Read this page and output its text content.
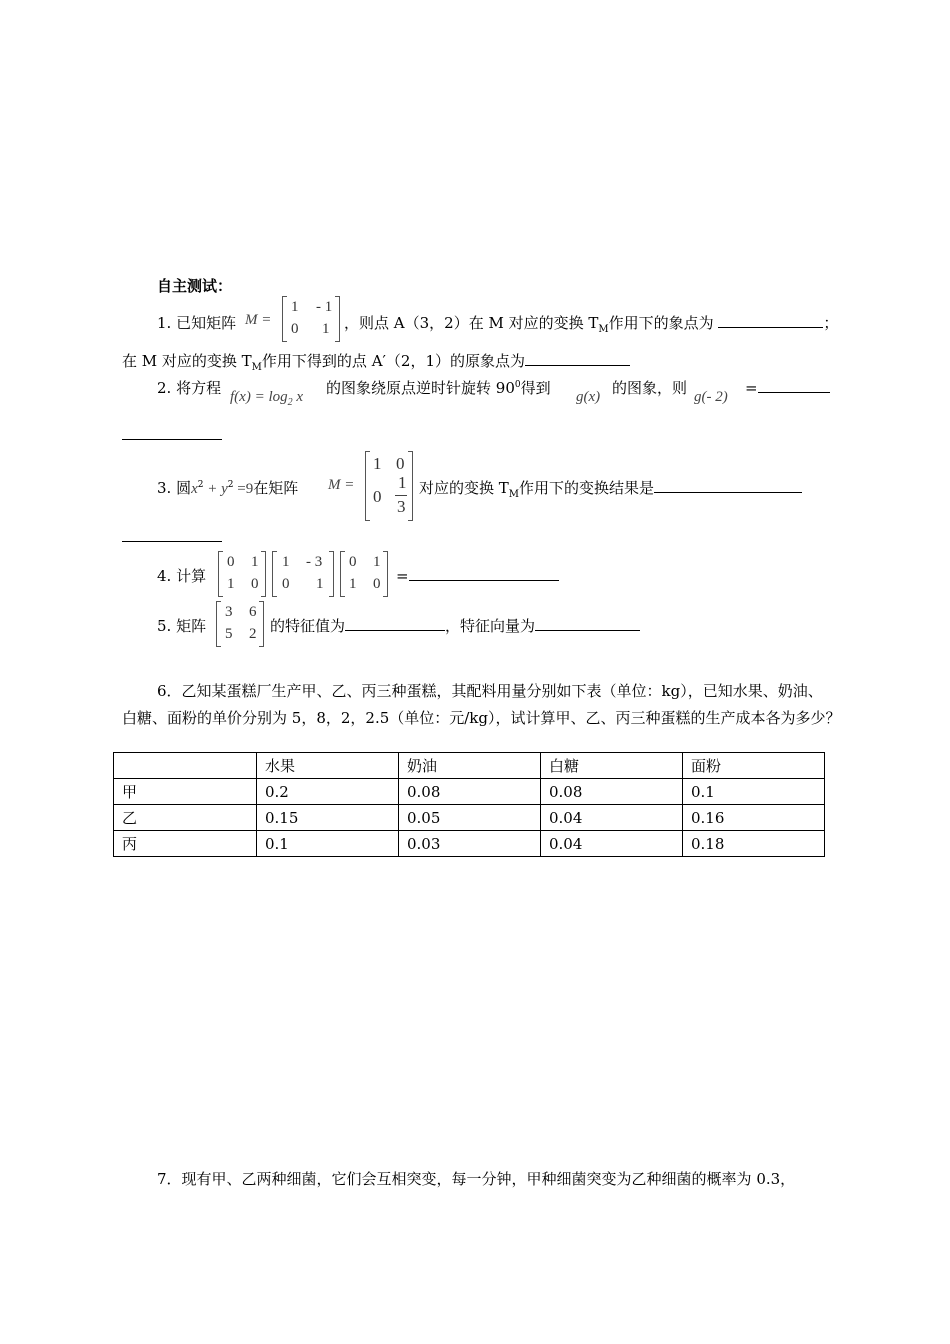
自主测试：
1. 已知矩阵 M =
1 - 1
0 1 ，则点 A（3，2）在 M 对应的变换 $T_M$作用下的象点为	；
在 M 对应的变换 $T_M$作用下得到的点 A′（2，1）的原象点为
2. 将方程 $f(x) = \log_2 x$ 的图象绕原点逆时针旋转 $90^0$得到 g(x) 的图象，则 g(- 2) =
3. 圆$x^2 + y^2 =9$在矩阵 M =
1 0
0
1
3
对应的变换 $T_M$作用下的变换结果是
4. 计算
0 1
1 0
1 - 3
0 1
0 1
1 0 =
5. 矩阵
3 6
5 2 的特征值为	，特征向量为
6．乙知某蛋糕厂生产甲、乙、丙三种蛋糕，其配料用量分别如下表（单位：kg），已知水果、奶油、
白糖、面粉的单价分别为 5，8，2，2.5（单位：元/kg），试计算甲、乙、丙三种蛋糕的生产成本各为多少？
	水果	奶油	白糖	面粉
甲	0.2	0.08	0.08	0.1
乙	0.15	0.05	0.04	0.16
丙	0.1	0.03	0.04	0.18
7．现有甲、乙两种细菌，它们会互相突变，每一分钟，甲种细菌突变为乙种细菌的概率为 0.3，
